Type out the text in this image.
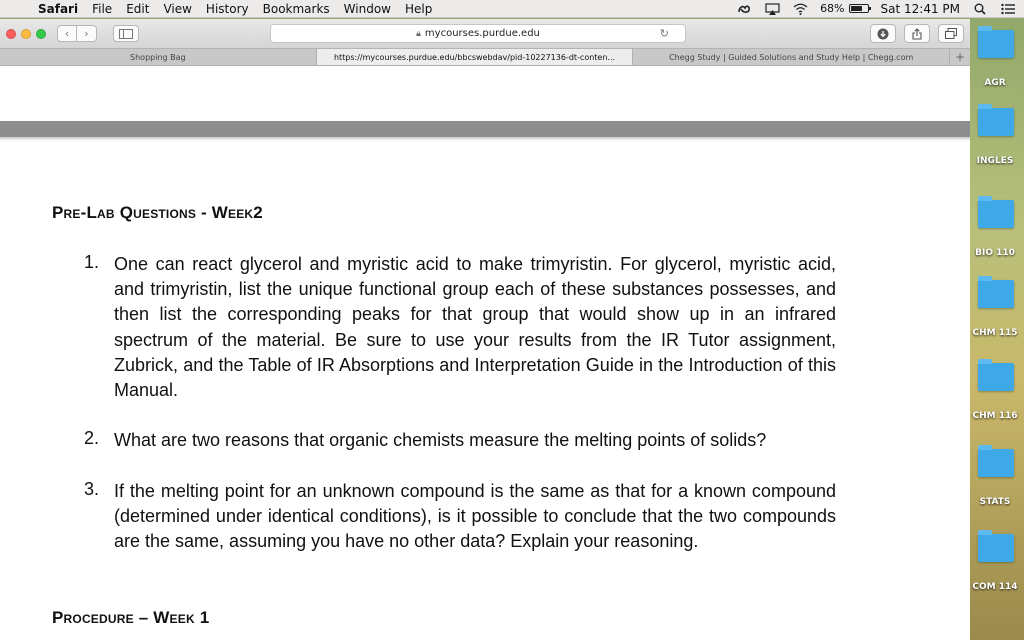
Safari File Edit View History Bookmarks Window Help	68%	Sat 12:41 PM
‹ ›	🔒︎ mycourses.purdue.edu	↻
Shopping Bag	https://mycourses.purdue.edu/bbcswebdav/pid-10227136-dt-conten...	Chegg Study | Guided Solutions and Study Help | Chegg.com	+
Pre-Lab Questions - Week2
1. One can react glycerol and myristic acid to make trimyristin. For glycerol, myristic acid, and trimyristin, list the unique functional group each of these substances possesses, and then list the corresponding peaks for that group that would show up in an infrared spectrum of the material. Be sure to use your results from the IR Tutor assignment, Zubrick, and the Table of IR Absorptions and Interpretation Guide in the Introduction of this Manual.
2. What are two reasons that organic chemists measure the melting points of solids?
3. If the melting point for an unknown compound is the same as that for a known compound (determined under identical conditions), is it possible to conclude that the two compounds are the same, assuming you have no other data? Explain your reasoning.
Procedure – Week 1
AGR
INGLES
BIO 110
CHM 115
CHM 116
STATS
COM 114
